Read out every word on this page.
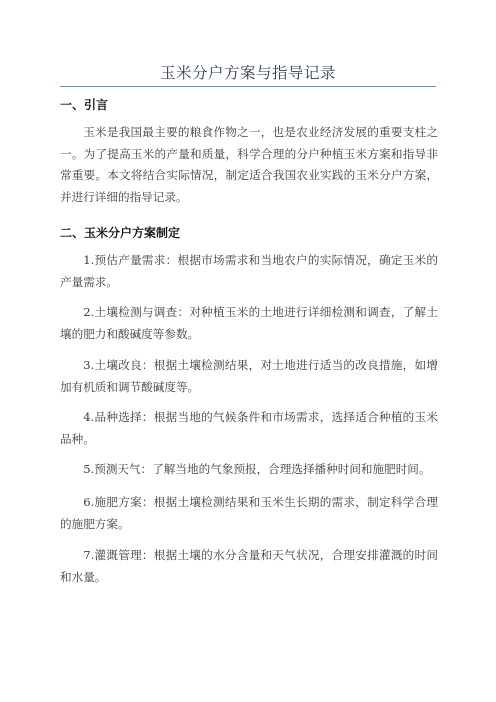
玉米分户方案与指导记录
一、引言

玉米是我国最主要的粮食作物之一，也是农业经济发展的重要支柱之一。为了提高玉米的产量和质量，科学合理的分户种植玉米方案和指导非常重要。本文将结合实际情况，制定适合我国农业实践的玉米分户方案，并进行详细的指导记录。

二、玉米分户方案制定

1.预估产量需求：根据市场需求和当地农户的实际情况，确定玉米的产量需求。

2.土壤检测与调查：对种植玉米的土地进行详细检测和调查，了解土壤的肥力和酸碱度等参数。

3.土壤改良：根据土壤检测结果，对土地进行适当的改良措施，如增加有机质和调节酸碱度等。

4.品种选择：根据当地的气候条件和市场需求，选择适合种植的玉米品种。

5.预测天气：了解当地的气象预报，合理选择播种时间和施肥时间。

6.施肥方案：根据土壤检测结果和玉米生长期的需求，制定科学合理的施肥方案。

7.灌溉管理：根据土壤的水分含量和天气状况，合理安排灌溉的时间和水量。
